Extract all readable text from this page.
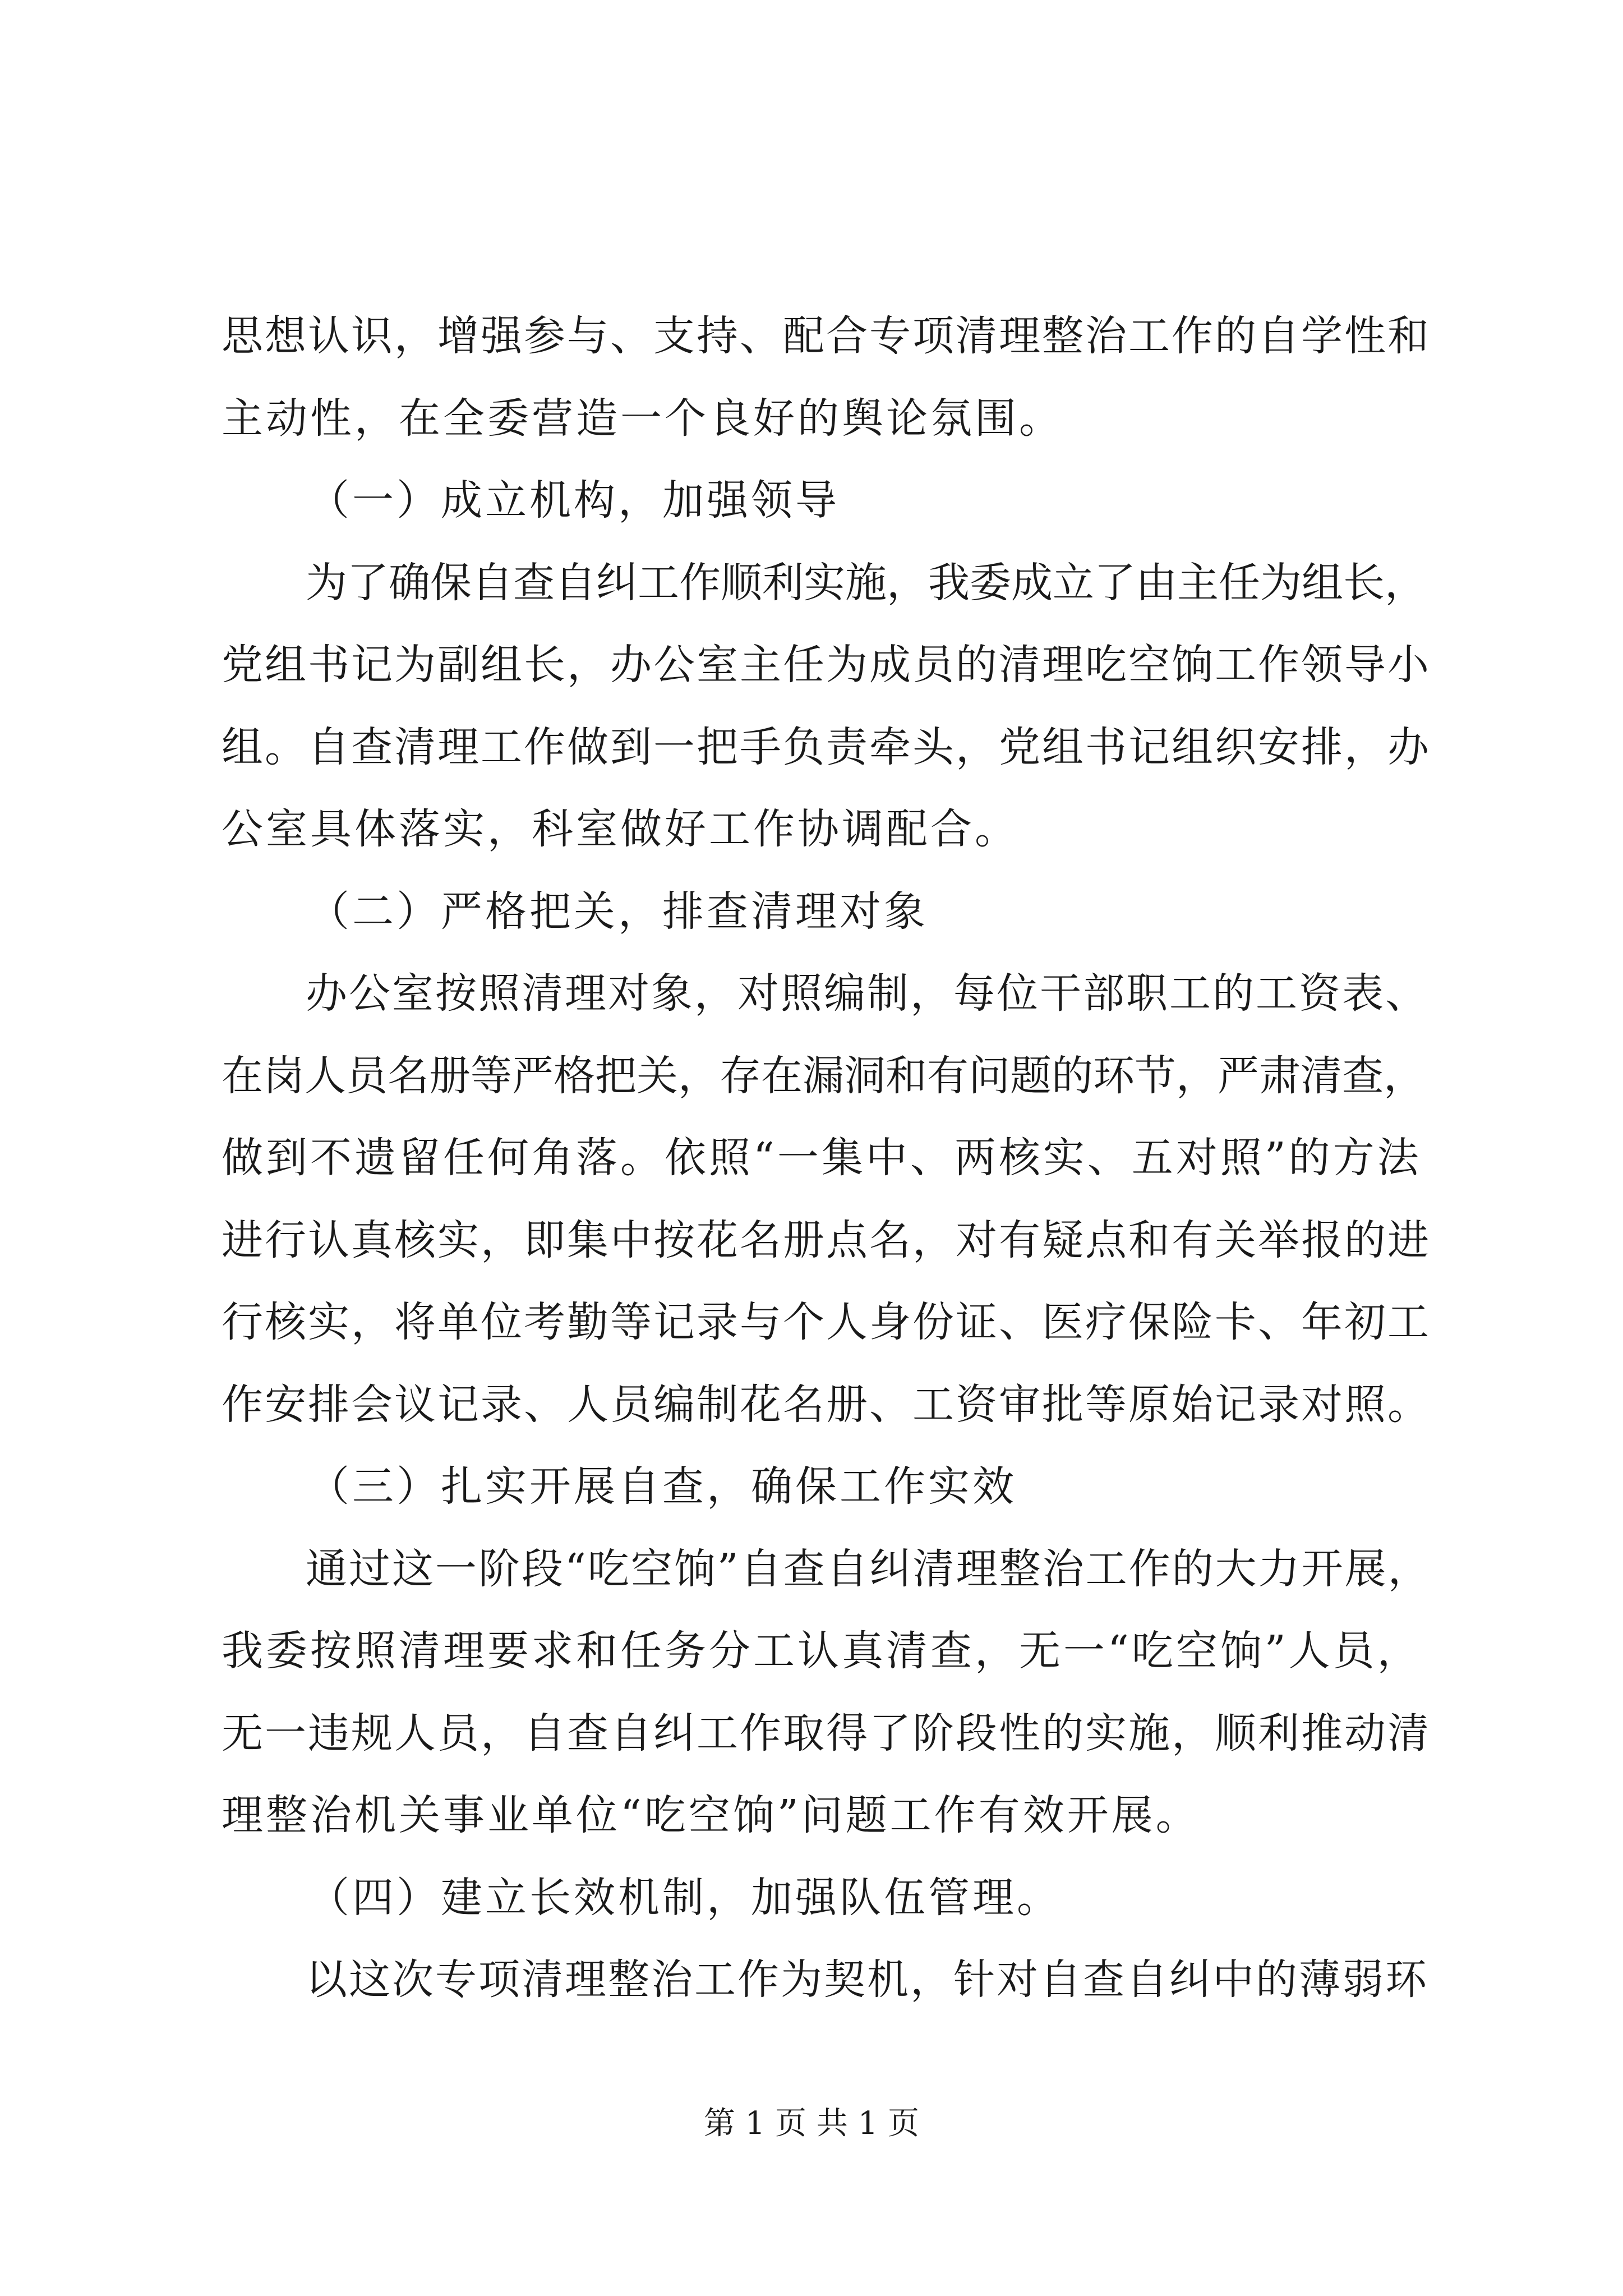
思想认识，增强参与、支持、配合专项清理整治工作的自学性和
主动性，在全委营造一个良好的舆论氛围。
（一）成立机构，加强领导
为了确保自查自纠工作顺利实施，我委成立了由主任为组长，
党组书记为副组长，办公室主任为成员的清理吃空饷工作领导小
组。自查清理工作做到一把手负责牵头，党组书记组织安排，办
公室具体落实，科室做好工作协调配合。
（二）严格把关，排查清理对象
办公室按照清理对象，对照编制，每位干部职工的工资表、
在岗人员名册等严格把关，存在漏洞和有问题的环节，严肃清查，
做到不遗留任何角落。依照“一集中、两核实、五对照”的方法
进行认真核实，即集中按花名册点名，对有疑点和有关举报的进
行核实，将单位考勤等记录与个人身份证、医疗保险卡、年初工
作安排会议记录、人员编制花名册、工资审批等原始记录对照。
（三）扎实开展自查，确保工作实效
通过这一阶段“吃空饷”自查自纠清理整治工作的大力开展，
我委按照清理要求和任务分工认真清查，无一“吃空饷”人员，
无一违规人员，自查自纠工作取得了阶段性的实施，顺利推动清
理整治机关事业单位“吃空饷”问题工作有效开展。
（四）建立长效机制，加强队伍管理。
以这次专项清理整治工作为契机，针对自查自纠中的薄弱环
第 1 页 共 1 页
